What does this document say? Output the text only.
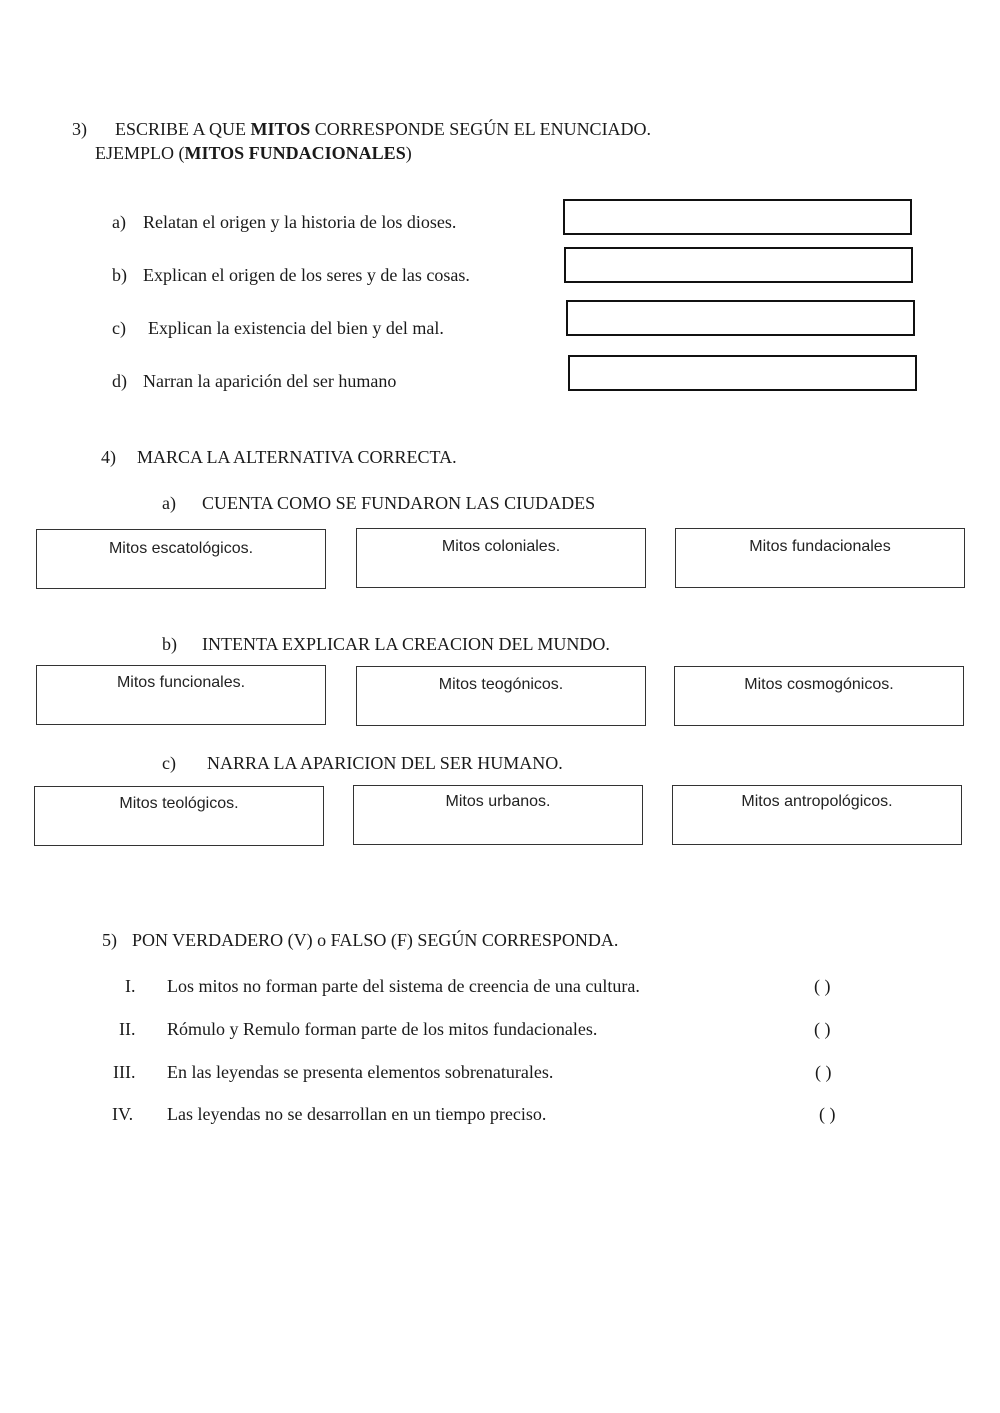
3) ESCRIBE A QUE MITOS CORRESPONDE SEGÚN EL ENUNCIADO.
EJEMPLO (MITOS FUNDACIONALES)
a) Relatan el origen y la historia de los dioses.
b) Explican el origen de los seres y de las cosas.
c) Explican la existencia del bien y del mal.
d) Narran la aparición del ser humano
4) MARCA LA ALTERNATIVA CORRECTA.
a) CUENTA COMO SE FUNDARON LAS CIUDADES
Mitos escatológicos.	Mitos coloniales.	Mitos fundacionales
b) INTENTA EXPLICAR LA CREACION DEL MUNDO.
Mitos funcionales.	Mitos teogónicos.	Mitos cosmogónicos.
c) NARRA LA APARICION DEL SER HUMANO.
Mitos teológicos.	Mitos urbanos.	Mitos antropológicos.
5) PON VERDADERO (V) o FALSO (F) SEGÚN CORRESPONDA.
I. Los mitos no forman parte del sistema de creencia de una cultura.	( )
II. Rómulo y Remulo forman parte de los mitos fundacionales.	( )
III. En las leyendas se presenta elementos sobrenaturales.	( )
IV. Las leyendas no se desarrollan en un tiempo preciso.	( )
